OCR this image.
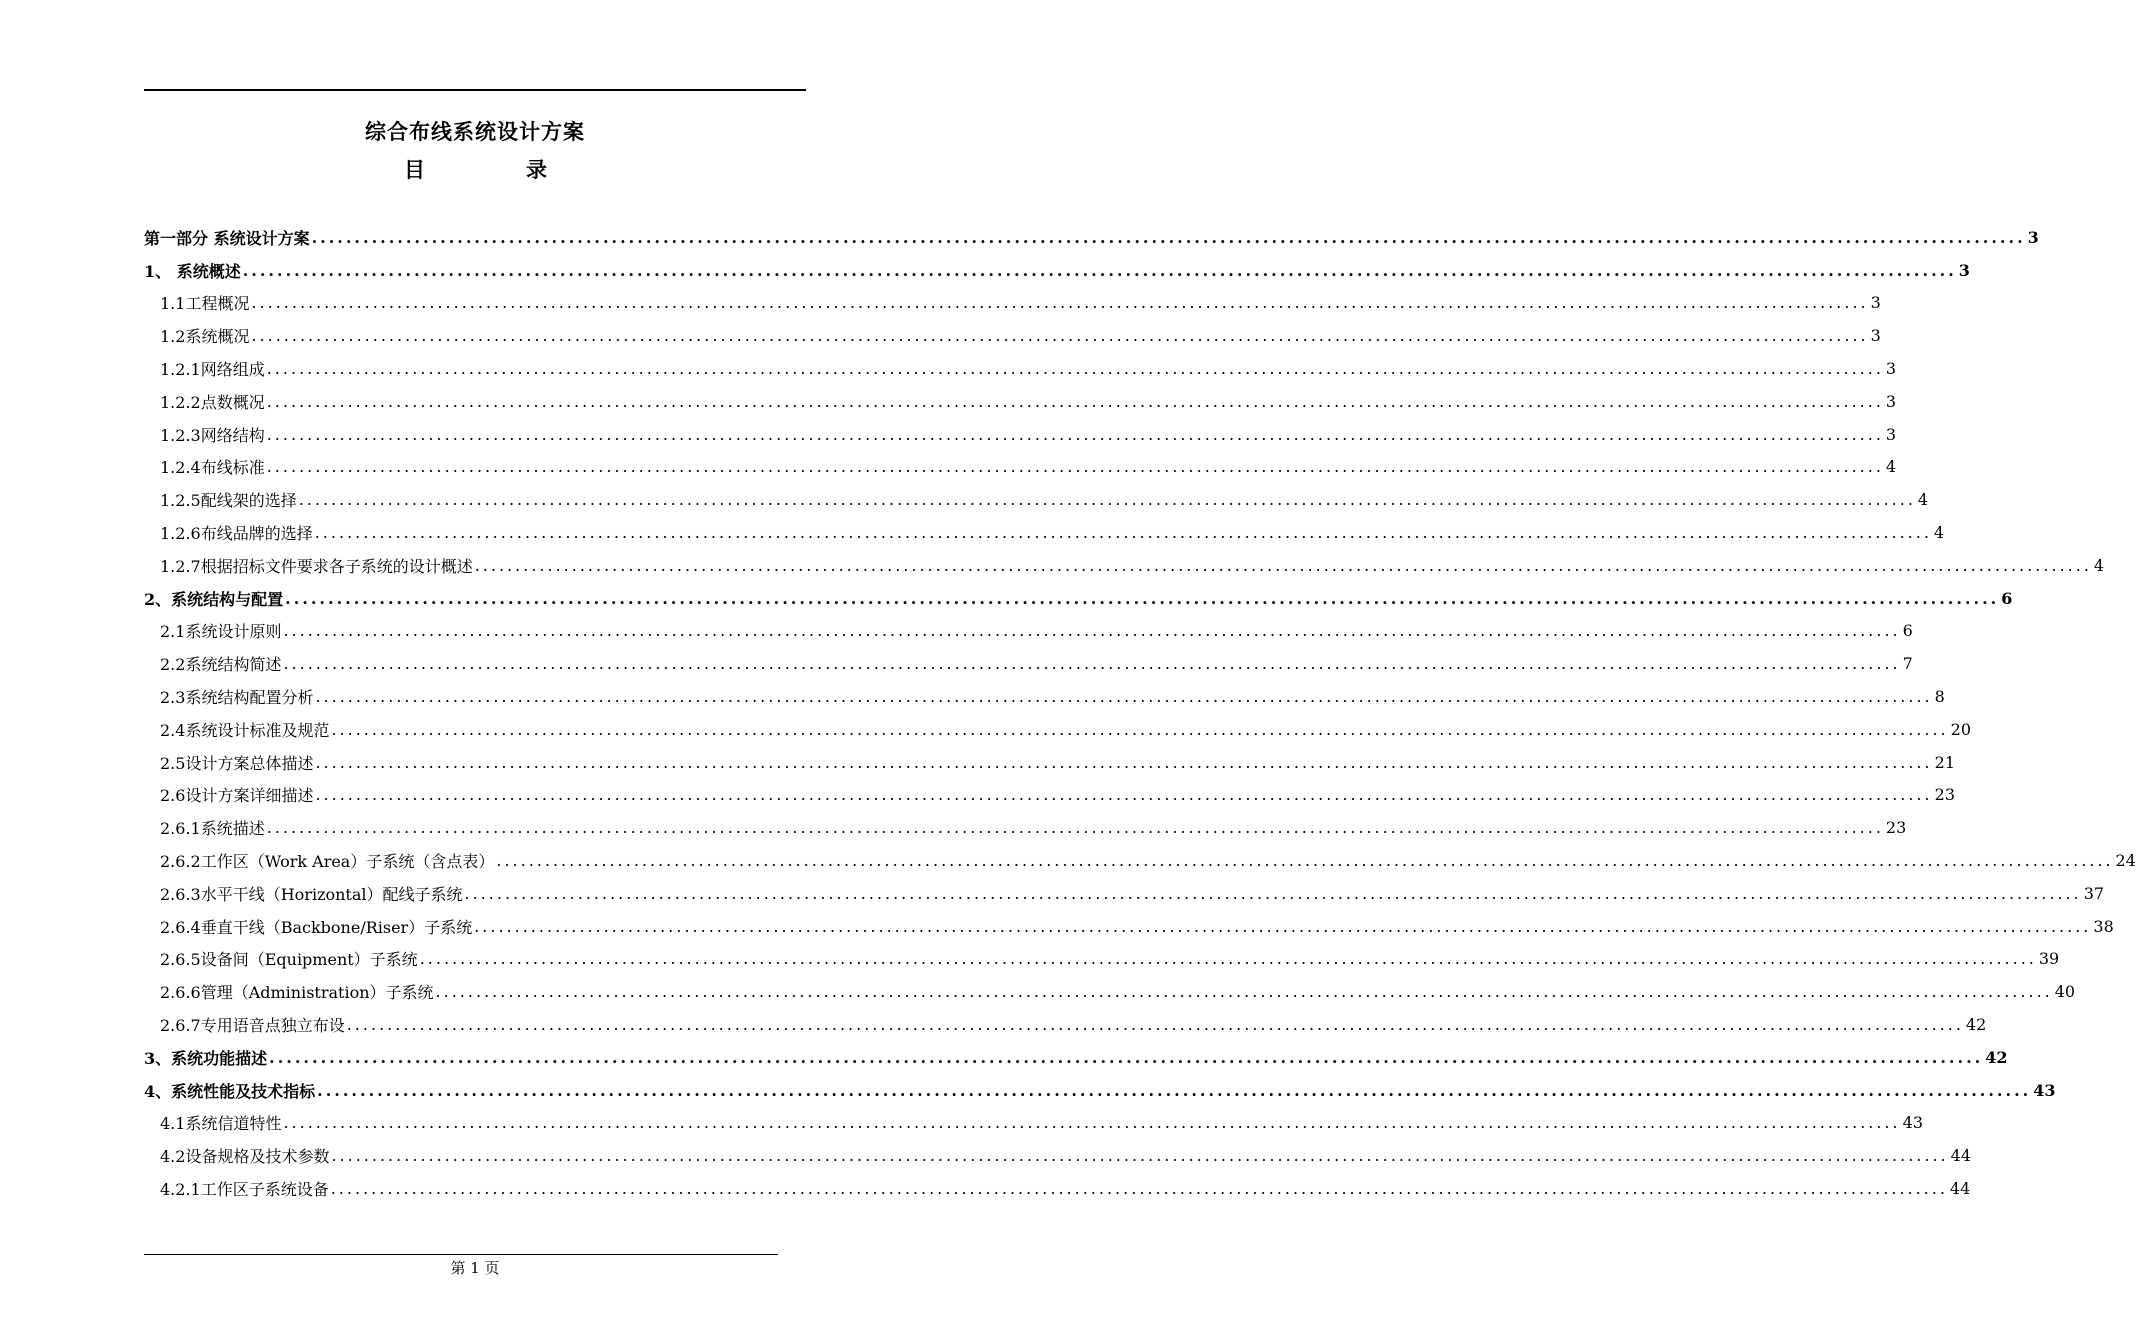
综合布线系统设计方案
目	录
第一部分 系统设计方案 ........................................................................................................................................................................................................ 3
1、 系统概述 ........................................................................................................................................................................................................ 3
1.1工程概况 ........................................................................................................................................................................................................ 3
1.2系统概况 ........................................................................................................................................................................................................ 3
1.2.1网络组成 ........................................................................................................................................................................................................ 3
1.2.2点数概况 ........................................................................................................................................................................................................ 3
1.2.3网络结构 ........................................................................................................................................................................................................ 3
1.2.4布线标准 ........................................................................................................................................................................................................ 4
1.2.5配线架的选择 ........................................................................................................................................................................................................ 4
1.2.6布线品牌的选择 ........................................................................................................................................................................................................ 4
1.2.7根据招标文件要求各子系统的设计概述 ........................................................................................................................................................................................................ 4
2、系统结构与配置 ........................................................................................................................................................................................................ 6
2.1系统设计原则 ........................................................................................................................................................................................................ 6
2.2系统结构简述 ........................................................................................................................................................................................................ 7
2.3系统结构配置分析 ........................................................................................................................................................................................................ 8
2.4系统设计标准及规范 ........................................................................................................................................................................................................ 20
2.5设计方案总体描述 ........................................................................................................................................................................................................ 21
2.6设计方案详细描述 ........................................................................................................................................................................................................ 23
2.6.1系统描述 ........................................................................................................................................................................................................ 23
2.6.2工作区（Work Area）子系统（含点表） ........................................................................................................................................................................................................ 24
2.6.3水平干线（Horizontal）配线子系统 ........................................................................................................................................................................................................ 37
2.6.4垂直干线（Backbone/Riser）子系统 ........................................................................................................................................................................................................ 38
2.6.5设备间（Equipment）子系统 ........................................................................................................................................................................................................ 39
2.6.6管理（Administration）子系统 ........................................................................................................................................................................................................ 40
2.6.7专用语音点独立布设 ........................................................................................................................................................................................................ 42
3、系统功能描述 ........................................................................................................................................................................................................ 42
4、系统性能及技术指标 ........................................................................................................................................................................................................ 43
4.1系统信道特性 ........................................................................................................................................................................................................ 43
4.2设备规格及技术参数 ........................................................................................................................................................................................................ 44
4.2.1工作区子系统设备 ........................................................................................................................................................................................................ 44
第 1 页
